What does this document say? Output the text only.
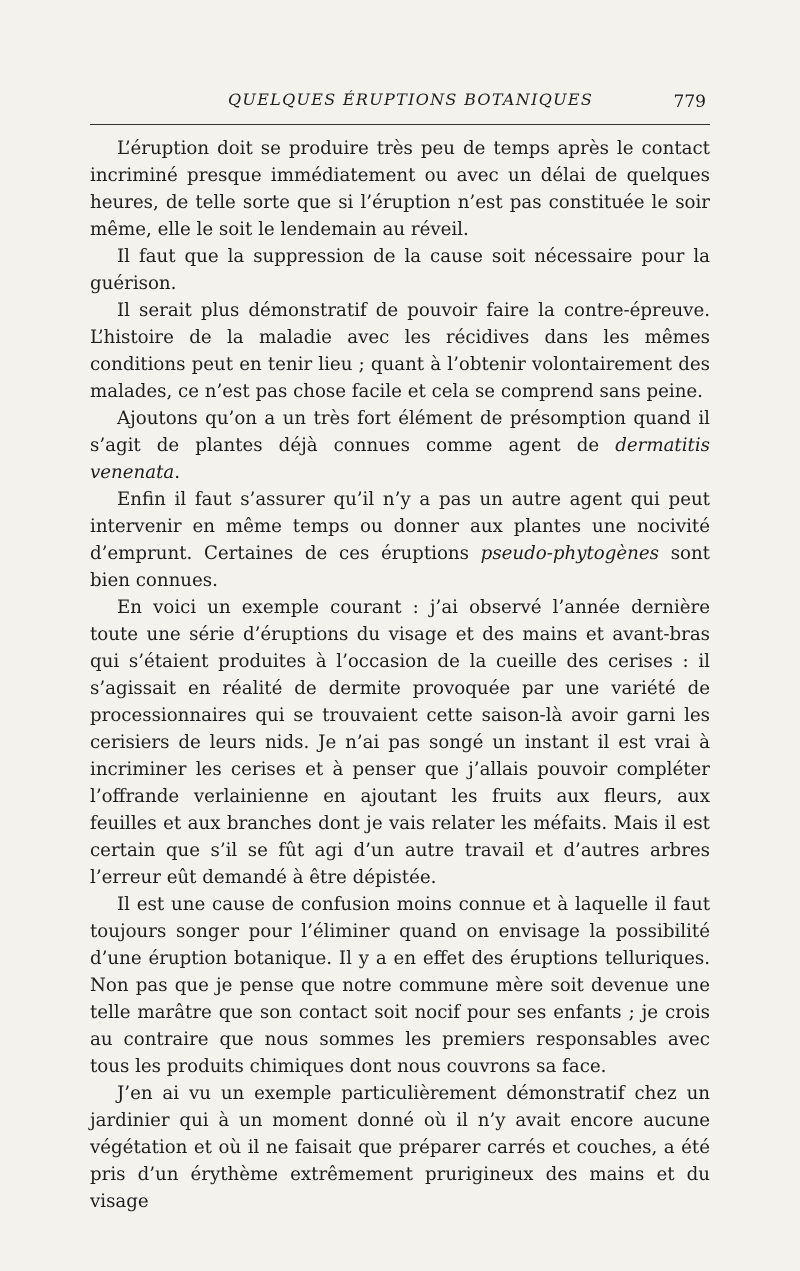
QUELQUES ÉRUPTIONS BOTANIQUES	779

L’éruption doit se produire très peu de temps après le contact incriminé presque immédiatement ou avec un délai de quelques heures, de telle sorte que si l’éruption n’est pas constituée le soir même, elle le soit le lendemain au réveil.

Il faut que la suppression de la cause soit nécessaire pour la guérison.

Il serait plus démonstratif de pouvoir faire la contre-épreuve. L’histoire de la maladie avec les récidives dans les mêmes conditions peut en tenir lieu ; quant à l’obtenir volontairement des malades, ce n’est pas chose facile et cela se comprend sans peine.

Ajoutons qu’on a un très fort élément de présomption quand il s’agit de plantes déjà connues comme agent de dermatitis venenata.

Enfin il faut s’assurer qu’il n’y a pas un autre agent qui peut intervenir en même temps ou donner aux plantes une nocivité d’emprunt. Certaines de ces éruptions pseudo-phytogènes sont bien connues.

En voici un exemple courant : j’ai observé l’année dernière toute une série d’éruptions du visage et des mains et avant-bras qui s’étaient produites à l’occasion de la cueille des cerises : il s’agissait en réalité de dermite provoquée par une variété de processionnaires qui se trouvaient cette saison-là avoir garni les cerisiers de leurs nids. Je n’ai pas songé un instant il est vrai à incriminer les cerises et à penser que j’allais pouvoir compléter l’offrande verlainienne en ajoutant les fruits aux fleurs, aux feuilles et aux branches dont je vais relater les méfaits. Mais il est certain que s’il se fût agi d’un autre travail et d’autres arbres l’erreur eût demandé à être dépistée.

Il est une cause de confusion moins connue et à laquelle il faut toujours songer pour l’éliminer quand on envisage la possibilité d’une éruption botanique. Il y a en effet des éruptions telluriques. Non pas que je pense que notre commune mère soit devenue une telle marâtre que son contact soit nocif pour ses enfants ; je crois au contraire que nous sommes les premiers responsables avec tous les produits chimiques dont nous couvrons sa face.

J’en ai vu un exemple particulièrement démonstratif chez un jardinier qui à un moment donné où il n’y avait encore aucune végétation et où il ne faisait que préparer carrés et couches, a été pris d’un érythème extrêmement prurigineux des mains et du visage
